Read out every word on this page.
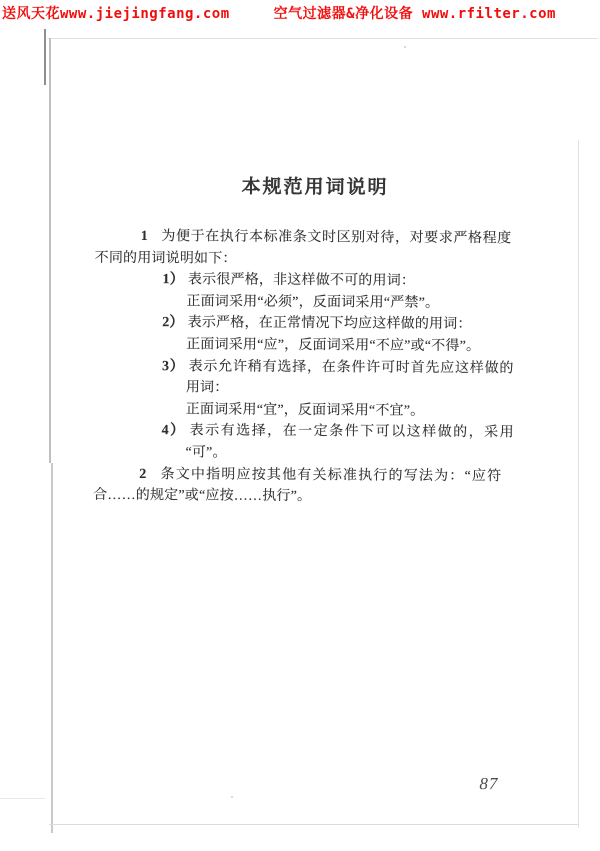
送风天花www.jiejingfang.com	空气过滤器&净化设备 www.rfilter.com
本规范用词说明
1 为便于在执行本标准条文时区别对待，对要求严格程度
不同的用词说明如下：
1） 表示很严格，非这样做不可的用词：
正面词采用“必须”，反面词采用“严禁”。
2） 表示严格，在正常情况下均应这样做的用词：
正面词采用“应”，反面词采用“不应”或“不得”。
3） 表示允许稍有选择，在条件许可时首先应这样做的
用词：
正面词采用“宜”，反面词采用“不宜”。
4） 表示有选择，在一定条件下可以这样做的，采用
“可”。
2 条文中指明应按其他有关标准执行的写法为：“应符
合……的规定”或“应按……执行”。
87
